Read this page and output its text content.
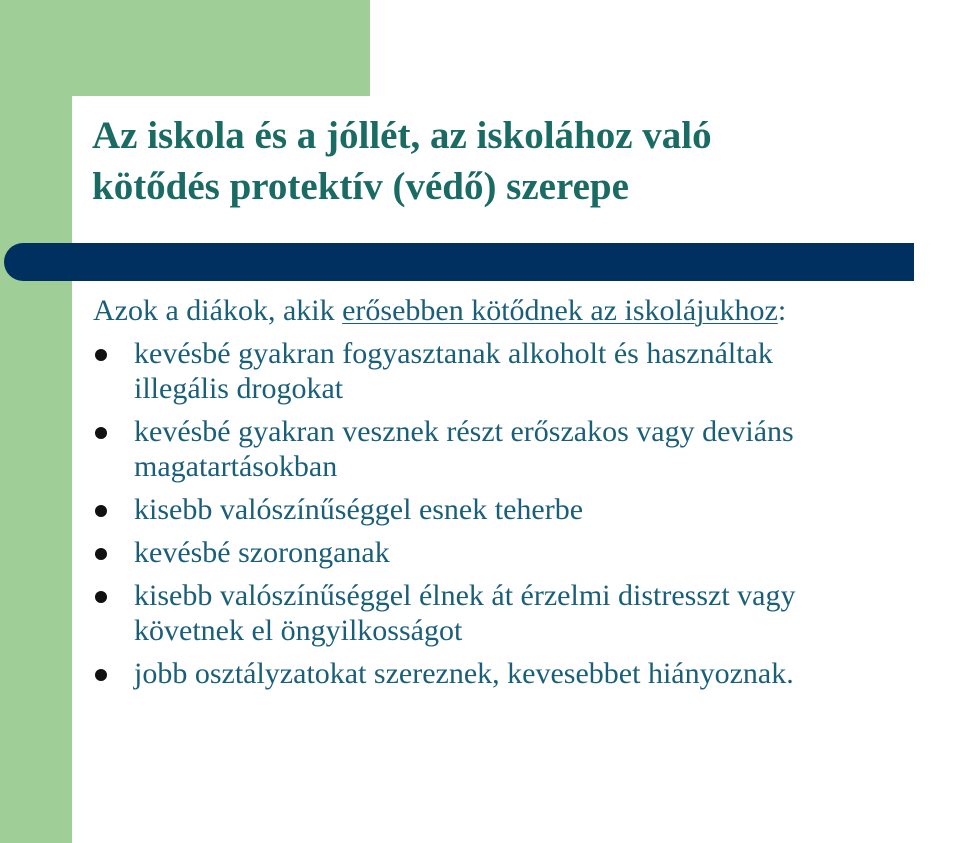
Az iskola és a jóllét, az iskolához való
kötődés protektív (védő) szerepe

Azok a diákok, akik erősebben kötődnek az iskolájukhoz:

kevésbé gyakran fogyasztanak alkoholt és használtak
illegális drogokat
kevésbé gyakran vesznek részt erőszakos vagy deviáns
magatartásokban
kisebb valószínűséggel esnek teherbe
kevésbé szoronganak
kisebb valószínűséggel élnek át érzelmi distresszt vagy
követnek el öngyilkosságot
jobb osztályzatokat szereznek, kevesebbet hiányoznak.
